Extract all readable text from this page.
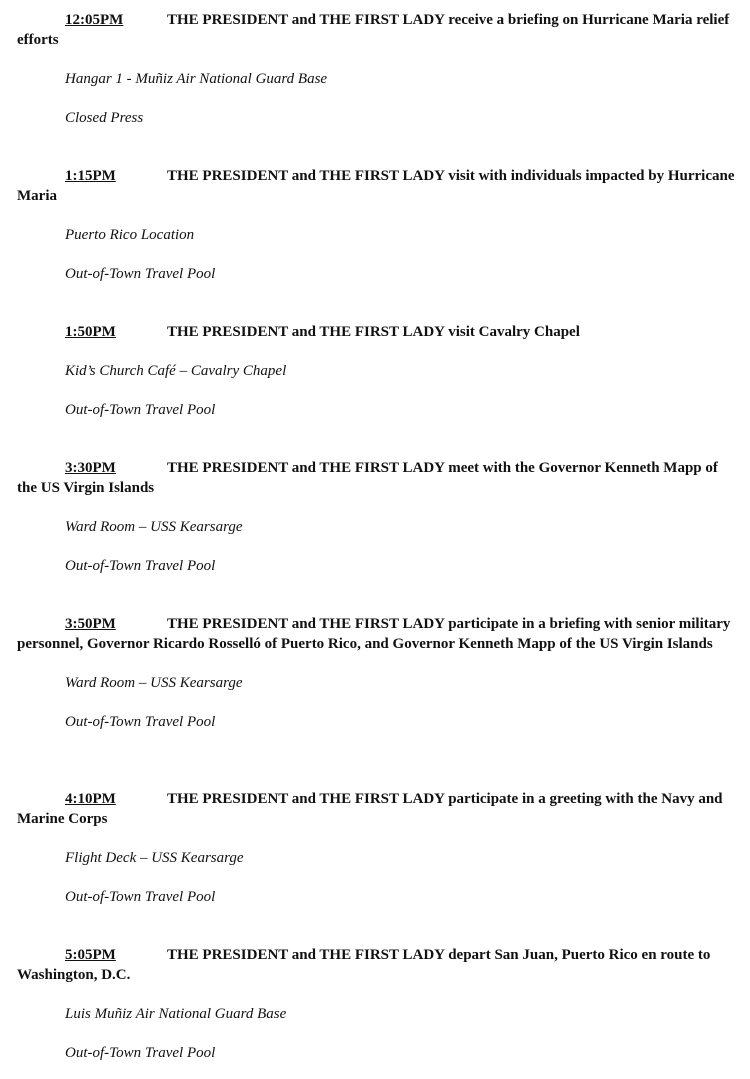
12:05PM	THE PRESIDENT and THE FIRST LADY receive a briefing on Hurricane Maria relief efforts

Hangar 1 - Muñiz Air National Guard Base

Closed Press

1:15PM	THE PRESIDENT and THE FIRST LADY visit with individuals impacted by Hurricane Maria

Puerto Rico Location

Out-of-Town Travel Pool

1:50PM	THE PRESIDENT and THE FIRST LADY visit Cavalry Chapel

Kid’s Church Café – Cavalry Chapel

Out-of-Town Travel Pool

3:30PM	THE PRESIDENT and THE FIRST LADY meet with the Governor Kenneth Mapp of the US Virgin Islands

Ward Room – USS Kearsarge

Out-of-Town Travel Pool

3:50PM	THE PRESIDENT and THE FIRST LADY participate in a briefing with senior military personnel, Governor Ricardo Rosselló of Puerto Rico, and Governor Kenneth Mapp of the US Virgin Islands

Ward Room – USS Kearsarge

Out-of-Town Travel Pool

4:10PM	THE PRESIDENT and THE FIRST LADY participate in a greeting with the Navy and Marine Corps

Flight Deck – USS Kearsarge

Out-of-Town Travel Pool

5:05PM	THE PRESIDENT and THE FIRST LADY depart San Juan, Puerto Rico en route to Washington, D.C.

Luis Muñiz Air National Guard Base

Out-of-Town Travel Pool
